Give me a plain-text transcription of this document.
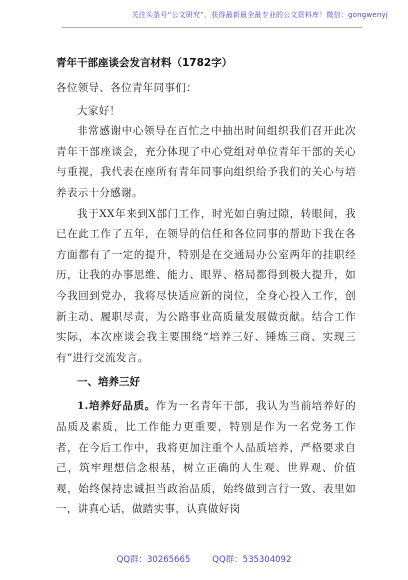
关注头条号“公文研究”，获得最新最全最专业的公文资料库！微信：gongwenyj
青年干部座谈会发言材料（1782字）

各位领导、各位青年同事们：

大家好！

非常感谢中心领导在百忙之中抽出时间组织我们召开此次青年干部座谈会，充分体现了中心党组对单位青年干部的关心与重视，我代表在座所有青年同事向组织给予我们的关心与培养表示十分感谢。

我于XX年来到X部门工作，时光如白驹过隙，转眼间，我已在此工作了五年，在领导的信任和各位同事的帮助下我在各方面都有了一定的提升，特别是在交通局办公室两年的挂职经历，让我的办事思维、能力、眼界、格局都得到极大提升，如今我回到党办，我将尽快适应新的岗位，全身心投入工作，创新主动、履职尽责，为公路事业高质量发展做贡献。结合工作实际，本次座谈会我主要围绕“培养三好、锤炼三商、实现三有”进行交流发言。

一、培养三好

1.培养好品质。作为一名青年干部，我认为当前培养好的品质及素质，比工作能力更重要，特别是作为一名党务工作者，在今后工作中，我将更加注重个人品质培养，严格要求自己，筑牢理想信念根基，树立正确的人生观、世界观、价值观，始终保持忠诚担当政治品质，始终做到言行一致、表里如一，讲真心话，做踏实事，认真做好岗

QQ群：30265665	QQ群：535304092
